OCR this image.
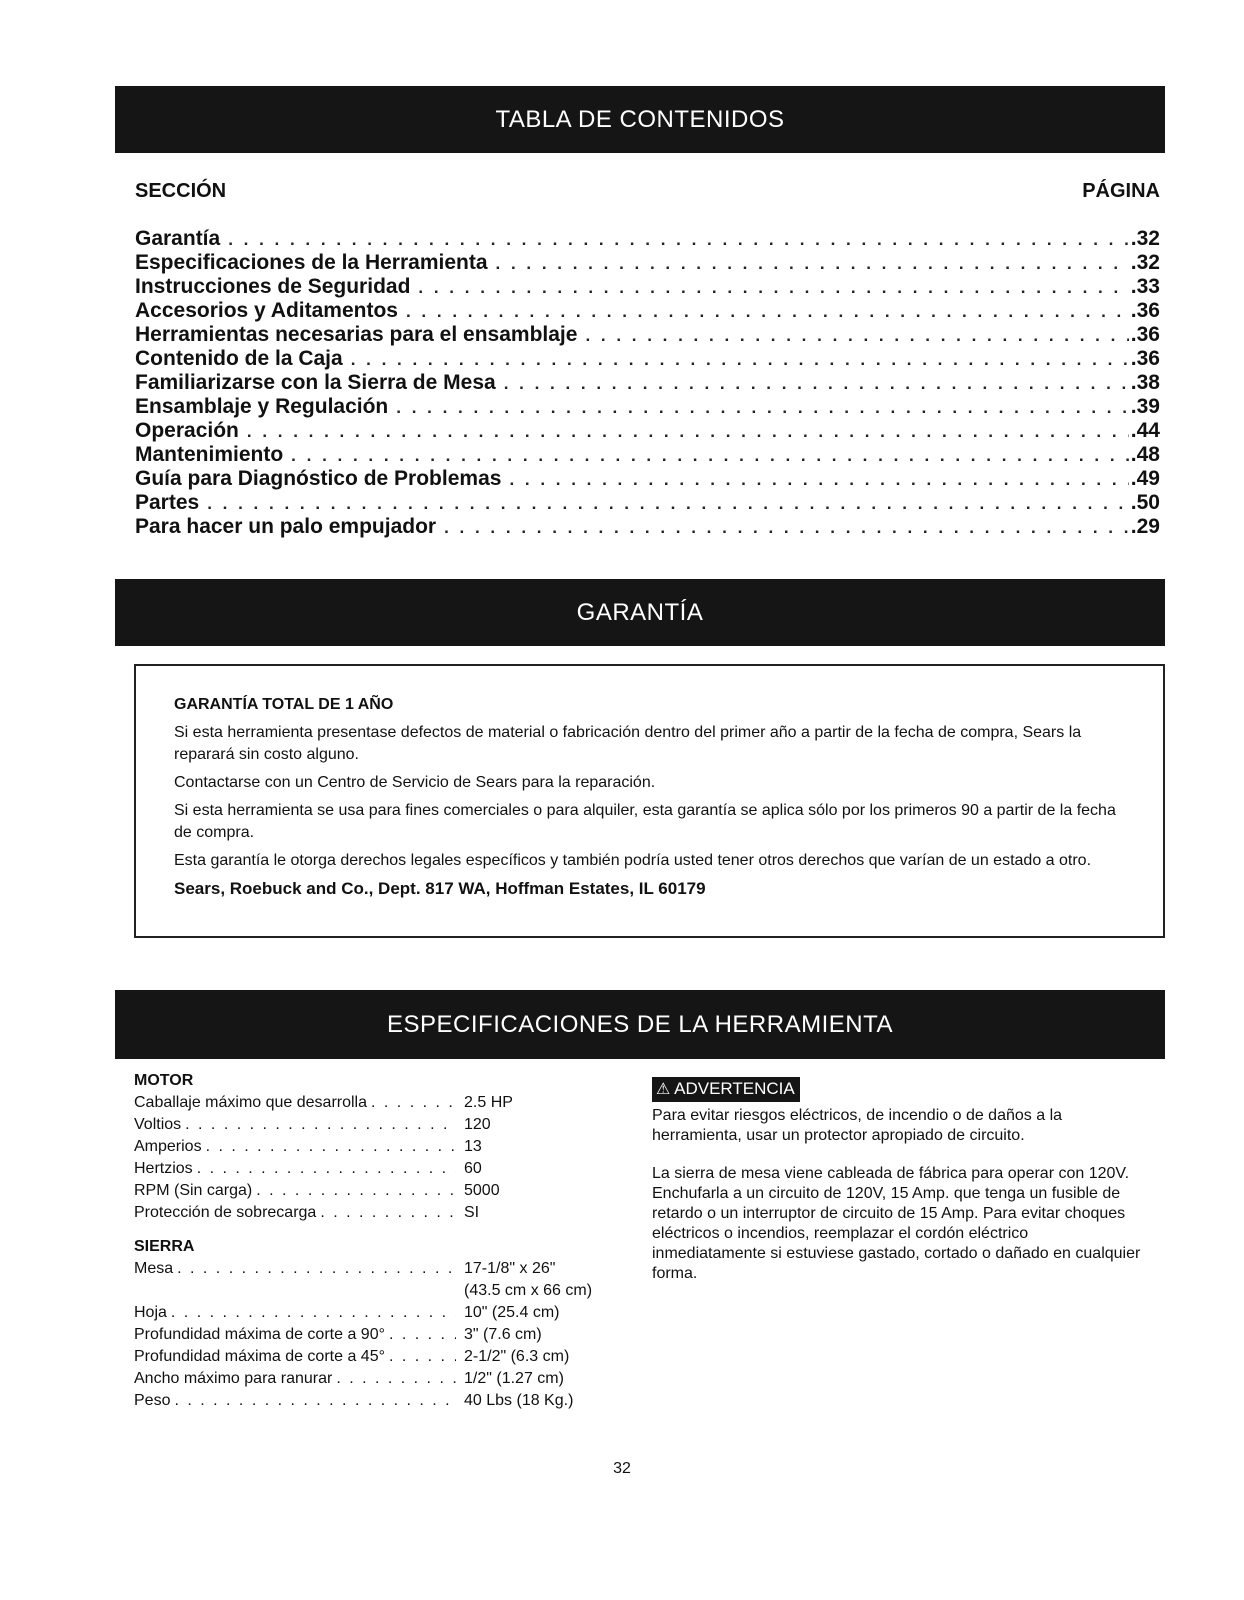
TABLA DE CONTENIDOS
SECCIÓN	PÁGINA
Garantía . . .	.32
Especificaciones de la Herramienta . . .	.32
Instrucciones de Seguridad . . .	.33
Accesorios y Aditamentos . . .	.36
Herramientas necesarias para el ensamblaje . . .	.36
Contenido de la Caja . . .	.36
Familiarizarse con la Sierra de Mesa . . .	.38
Ensamblaje y Regulación . . .	.39
Operación . . .	.44
Mantenimiento . . .	.48
Guía para Diagnóstico de Problemas . . .	.49
Partes . . .	.50
Para hacer un palo empujador . . .	.29
GARANTÍA
GARANTÍA TOTAL DE 1 AÑO

Si esta herramienta presentase defectos de material o fabricación dentro del primer año a partir de la fecha de compra, Sears la reparará sin costo alguno.

Contactarse con un Centro de Servicio de Sears para la reparación.

Si esta herramienta se usa para fines comerciales o para alquiler, esta garantía se aplica sólo por los primeros 90 a partir de la fecha de compra.

Esta garantía le otorga derechos legales específicos y también podría usted tener otros derechos que varían de un estado a otro.

Sears, Roebuck and Co., Dept. 817 WA, Hoffman Estates, IL 60179
ESPECIFICACIONES DE LA HERRAMIENTA
MOTOR
Caballaje máximo que desarrolla . . .	2.5 HP
Voltios . . .	120
Amperios . . .	13
Hertzios . . .	60
RPM (Sin carga) . . .	5000
Protección de sobrecarga . . .	SI
SIERRA
Mesa . . .	17-1/8" x 26"
(43.5 cm x 66 cm)
Hoja . . .	10" (25.4 cm)
Profundidad máxima de corte a 90° . . .	3" (7.6 cm)
Profundidad máxima de corte a 45° . . .	2-1/2" (6.3 cm)
Ancho máximo para ranurar . . .	1/2" (1.27 cm)
Peso . . .	40 Lbs (18 Kg.)
⚠ ADVERTENCIA

Para evitar riesgos eléctricos, de incendio o de daños a la herramienta, usar un protector apropiado de circuito.

La sierra de mesa viene cableada de fábrica para operar con 120V. Enchufarla a un circuito de 120V, 15 Amp. que tenga un fusible de retardo o un interruptor de circuito de 15 Amp. Para evitar choques eléctricos o incendios, reemplazar el cordón eléctrico inmediatamente si estuviese gastado, cortado o dañado en cualquier forma.

32
